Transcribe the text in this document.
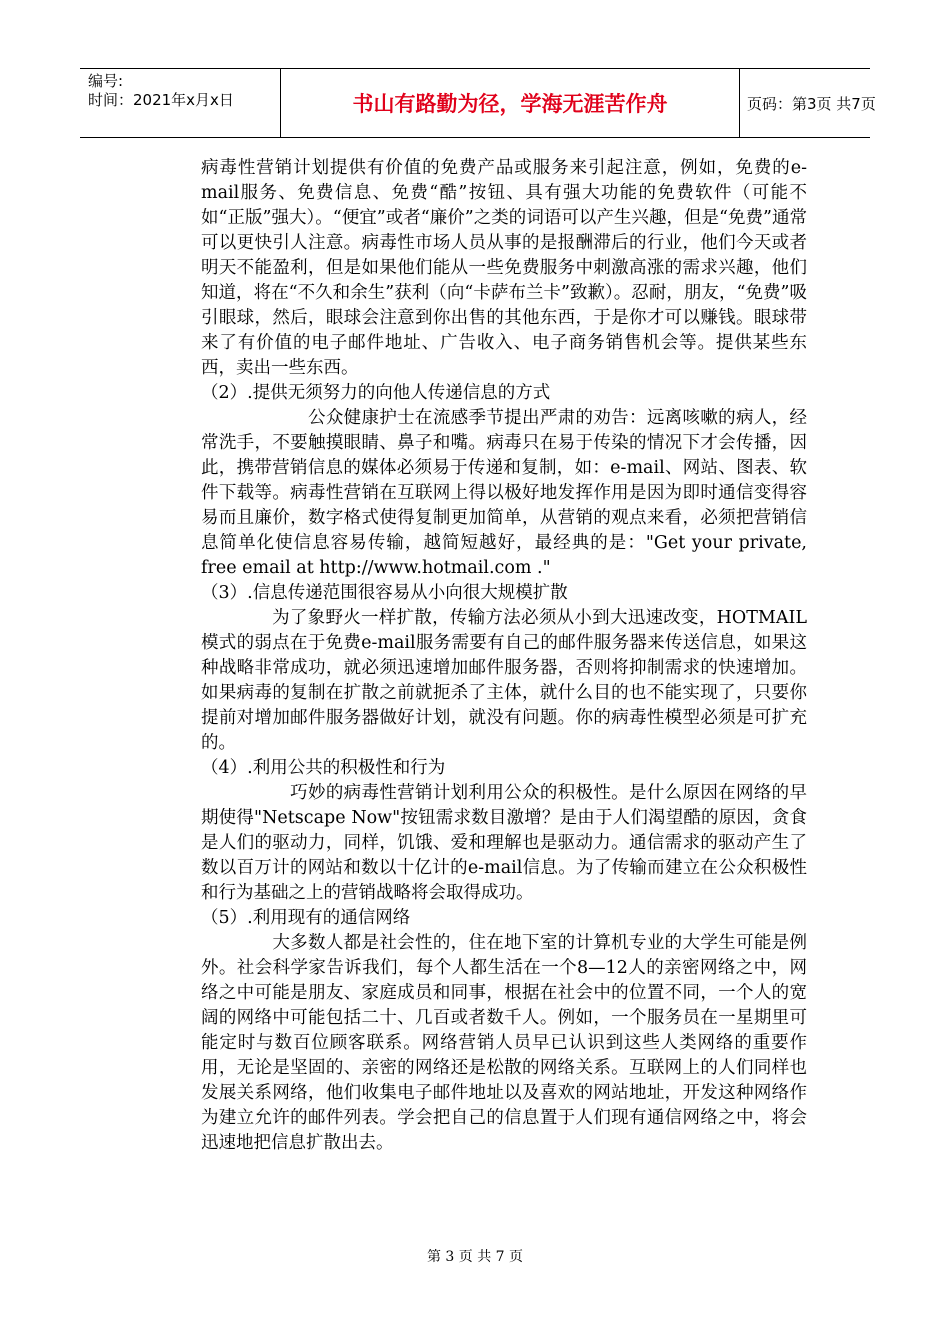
编号:
时间：2021年x月x日	书山有路勤为径，学海无涯苦作舟	页码：第3页 共7页
病毒性营销计划提供有价值的免费产品或服务来引起注意，例如，免费的e-mail服务、免费信息、免费“酷”按钮、具有强大功能的免费软件（可能不如“正版”强大）。“便宜”或者“廉价”之类的词语可以产生兴趣，但是“免费”通常可以更快引人注意。病毒性市场人员从事的是报酬滞后的行业，他们今天或者明天不能盈利，但是如果他们能从一些免费服务中刺激高涨的需求兴趣，他们知道，将在“不久和余生”获利（向“卡萨布兰卡”致歉）。忍耐，朋友，“免费”吸引眼球，然后，眼球会注意到你出售的其他东西，于是你才可以赚钱。眼球带来了有价值的电子邮件地址、广告收入、电子商务销售机会等。提供某些东西，卖出一些东西。
（2）.提供无须努力的向他人传递信息的方式
　　　　　　公众健康护士在流感季节提出严肃的劝告：远离咳嗽的病人，经常洗手，不要触摸眼睛、鼻子和嘴。病毒只在易于传染的情况下才会传播，因此，携带营销信息的媒体必须易于传递和复制，如：e-mail、网站、图表、软件下载等。病毒性营销在互联网上得以极好地发挥作用是因为即时通信变得容易而且廉价，数字格式使得复制更加简单，从营销的观点来看，必须把营销信息简单化使信息容易传输，越简短越好，最经典的是："Get your private, free email at http://www.hotmail.com ."
（3）.信息传递范围很容易从小向很大规模扩散
　　　　为了象野火一样扩散，传输方法必须从小到大迅速改变，HOTMAIL模式的弱点在于免费e-mail服务需要有自己的邮件服务器来传送信息，如果这种战略非常成功，就必须迅速增加邮件服务器，否则将抑制需求的快速增加。如果病毒的复制在扩散之前就扼杀了主体，就什么目的也不能实现了，只要你提前对增加邮件服务器做好计划，就没有问题。你的病毒性模型必须是可扩充的。
（4）.利用公共的积极性和行为
　　　　　巧妙的病毒性营销计划利用公众的积极性。是什么原因在网络的早期使得"Netscape Now"按钮需求数目激增？是由于人们渴望酷的原因，贪食是人们的驱动力，同样，饥饿、爱和理解也是驱动力。通信需求的驱动产生了数以百万计的网站和数以十亿计的e-mail信息。为了传输而建立在公众积极性和行为基础之上的营销战略将会取得成功。
（5）.利用现有的通信网络
　　　　大多数人都是社会性的，住在地下室的计算机专业的大学生可能是例外。社会科学家告诉我们，每个人都生活在一个8—12人的亲密网络之中，网络之中可能是朋友、家庭成员和同事，根据在社会中的位置不同，一个人的宽阔的网络中可能包括二十、几百或者数千人。例如，一个服务员在一星期里可能定时与数百位顾客联系。网络营销人员早已认识到这些人类网络的重要作用，无论是坚固的、亲密的网络还是松散的网络关系。互联网上的人们同样也发展关系网络，他们收集电子邮件地址以及喜欢的网站地址，开发这种网络作为建立允许的邮件列表。学会把自己的信息置于人们现有通信网络之中，将会迅速地把信息扩散出去。
第 3 页 共 7 页
